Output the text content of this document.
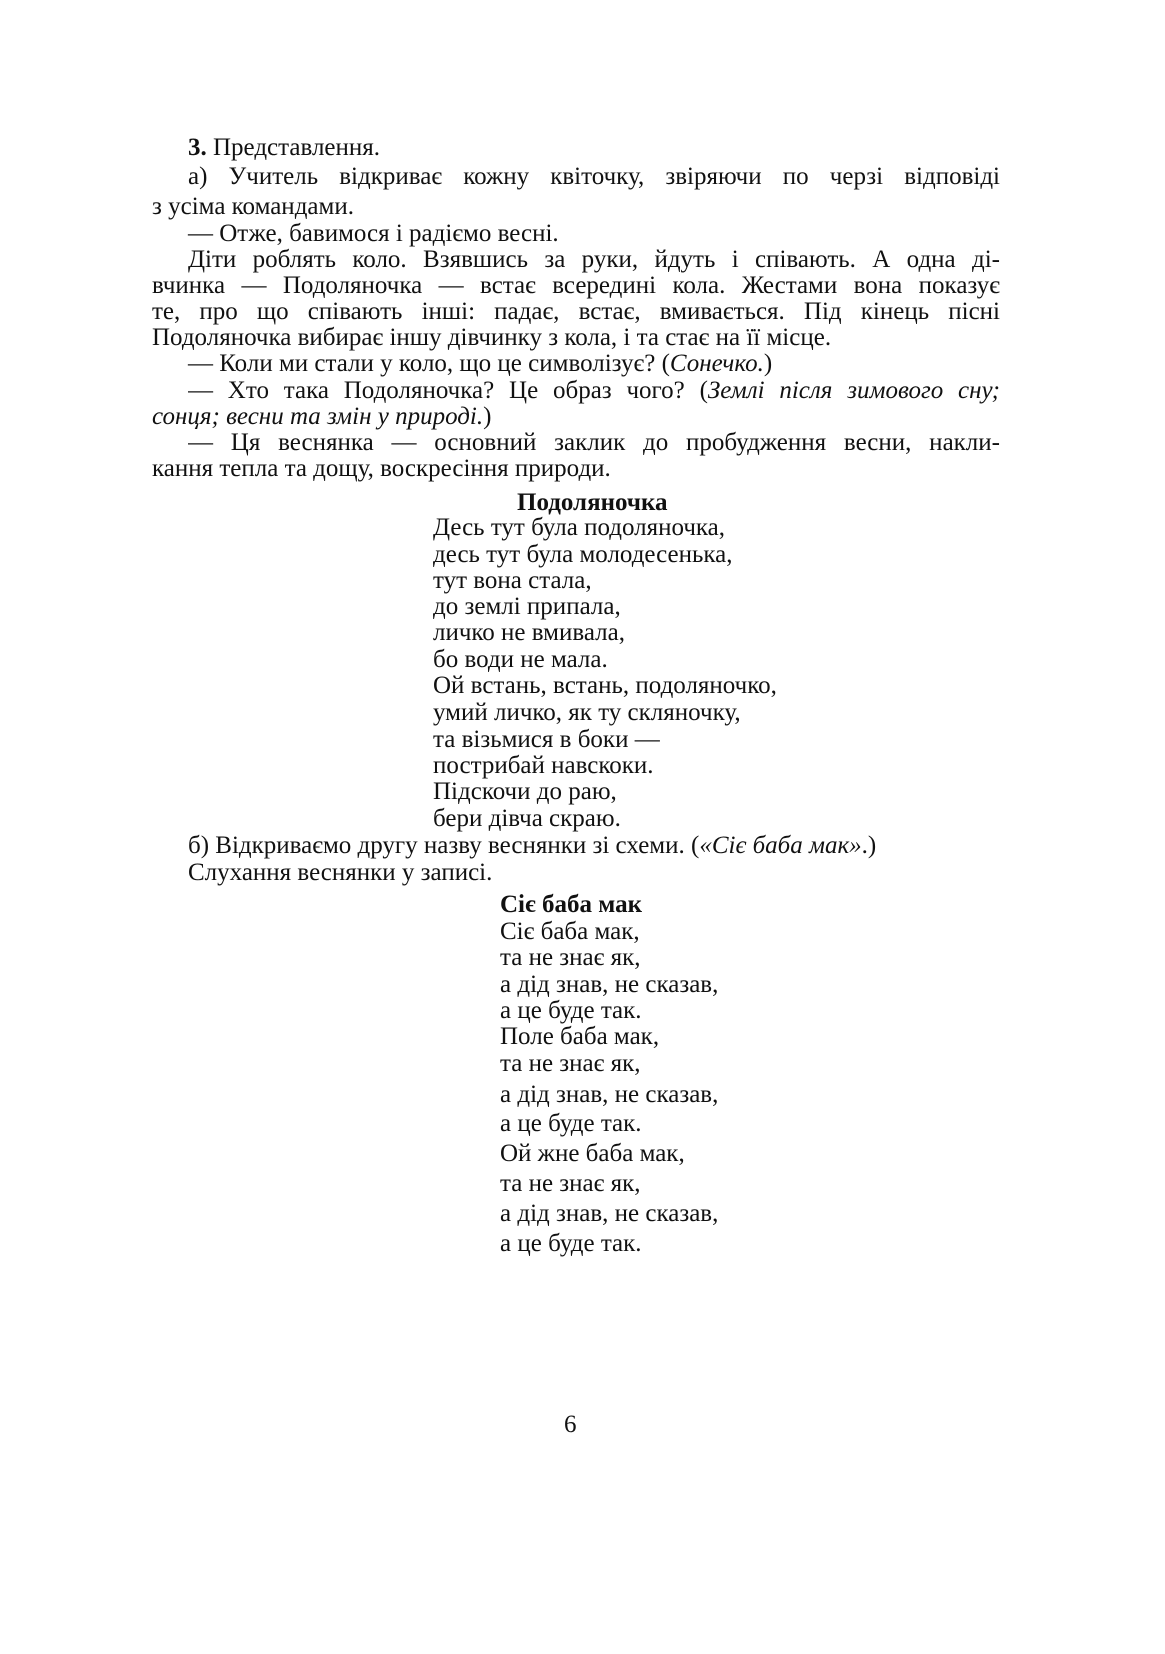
3. Представлення.
а) Учитель відкриває кожну квіточку, звіряючи по черзі відповіді
з усіма командами.
— Отже, бавимося і радіємо весні.
Діти роблять коло. Взявшись за руки, йдуть і співають. А одна ді-
вчинка — Подоляночка — встає всередині кола. Жестами вона показує
те, про що співають інші: падає, встає, вмивається. Під кінець пісні
Подоляночка вибирає іншу дівчинку з кола, і та стає на її місце.
— Коли ми стали у коло, що це символізує? (Сонечко.)
— Хто така Подоляночка? Це образ чого? (Землі після зимового сну;
сонця; весни та змін у природі.)
— Ця веснянка — основний заклик до пробудження весни, накли-
кання тепла та дощу, воскресіння природи.
Подоляночка
Десь тут була подоляночка,
десь тут була молодесенька,
тут вона стала,
до землі припала,
личко не вмивала,
бо води не мала.
Ой встань, встань, подоляночко,
умий личко, як ту скляночку,
та візьмися в боки —
пострибай навскоки.
Підскочи до раю,
бери дівча скраю.
б) Відкриваємо другу назву веснянки зі схеми. («Сіє баба мак».)
Слухання веснянки у записі.
Сіє баба мак
Сіє баба мак,
та не знає як,
а дід знав, не сказав,
а це буде так.
Поле баба мак,
та не знає як,
а дід знав, не сказав,
а це буде так.
Ой жне баба мак,
та не знає як,
а дід знав, не сказав,
а це буде так.
6
